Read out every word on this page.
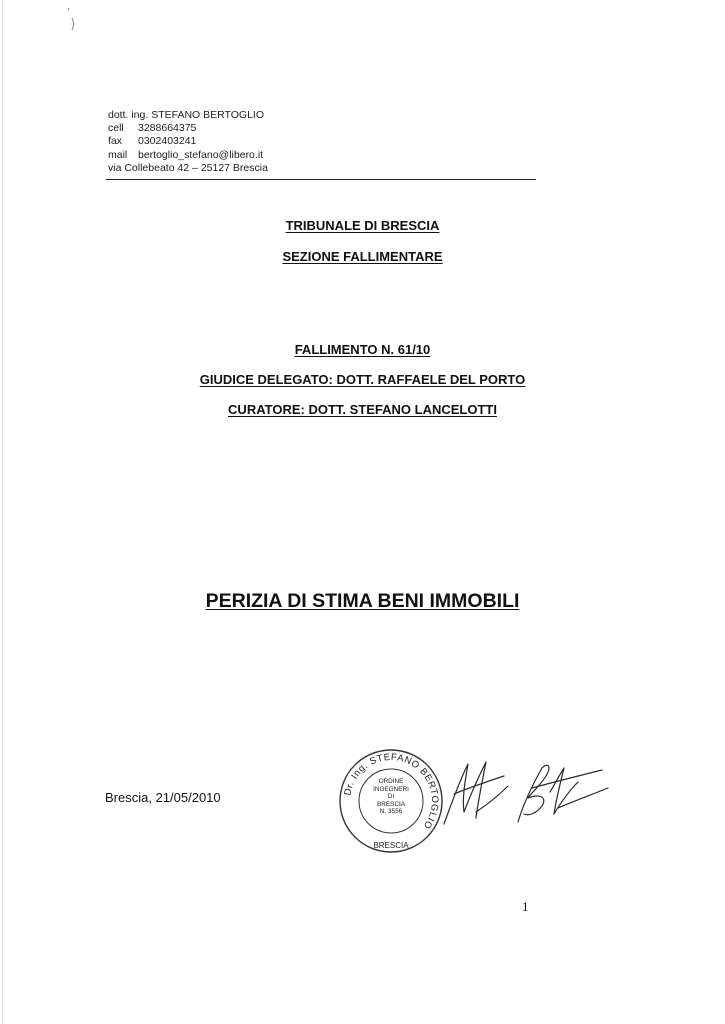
dott. ing. STEFANO BERTOGLIO
cell 3288664375
fax 0302403241
mail bertoglio_stefano@libero.it
via Collebeato 42 – 25127 Brescia
TRIBUNALE DI BRESCIA
SEZIONE FALLIMENTARE
FALLIMENTO N. 61/10
GIUDICE DELEGATO: DOTT. RAFFAELE DEL PORTO
CURATORE: DOTT. STEFANO LANCELOTTI
PERIZIA DI STIMA BENI IMMOBILI
Brescia, 21/05/2010	Dr. Ing. STEFANO BERTOGLIO
BRESCIA
ORDINE
INGEGNERI
DI
BRESCIA
N. 3556
1
